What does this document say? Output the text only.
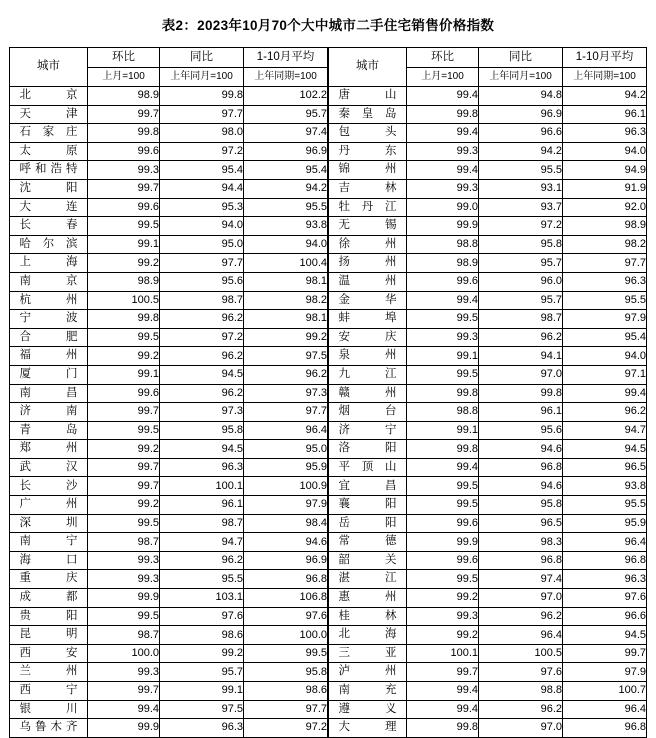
表2：2023年10月70个大中城市二手住宅销售价格指数
城市	环比	同比	1-10月平均
	上月=100	上年同月=100	上年同期=100
北京	98.9	99.8	102.2
天津	99.7	97.7	95.7
石家庄	99.8	98.0	97.4
太原	99.6	97.2	96.9
呼和浩特	99.3	95.4	95.4
沈阳	99.7	94.4	94.2
大连	99.6	95.3	95.5
长春	99.5	94.0	93.8
哈尔滨	99.1	95.0	94.0
上海	99.2	97.7	100.4
南京	98.9	95.6	98.1
杭州	100.5	98.7	98.2
宁波	99.8	96.2	98.1
合肥	99.5	97.2	99.2
福州	99.2	96.2	97.5
厦门	99.1	94.5	96.2
南昌	99.6	96.2	97.3
济南	99.7	97.3	97.7
青岛	99.5	95.8	96.4
郑州	99.2	94.5	95.0
武汉	99.7	96.3	95.9
长沙	99.7	100.1	100.9
广州	99.2	96.1	97.9
深圳	99.5	98.7	98.4
南宁	98.7	94.7	94.6
海口	99.3	96.2	96.9
重庆	99.3	95.5	96.8
成都	99.9	103.1	106.8
贵阳	99.5	97.6	97.6
昆明	98.7	98.6	100.0
西安	100.0	99.2	99.5
兰州	99.3	95.7	95.8
西宁	99.7	99.1	98.6
银川	99.4	97.5	97.7
乌鲁木齐	99.9	96.3	97.2
城市	环比	同比	1-10月平均
	上月=100	上年同月=100	上年同期=100
唐山	99.4	94.8	94.2
秦皇岛	99.8	96.9	96.1
包头	99.4	96.6	96.3
丹东	99.3	94.2	94.0
锦州	99.4	95.5	94.9
吉林	99.3	93.1	91.9
牡丹江	99.0	93.7	92.0
无锡	99.9	97.2	98.9
徐州	98.8	95.8	98.2
扬州	98.9	95.7	97.7
温州	99.6	96.0	96.3
金华	99.4	95.7	95.5
蚌埠	99.5	98.7	97.9
安庆	99.3	96.2	95.4
泉州	99.1	94.1	94.0
九江	99.5	97.0	97.1
赣州	99.8	99.8	99.4
烟台	98.8	96.1	96.2
济宁	99.1	95.6	94.7
洛阳	99.8	94.6	94.5
平顶山	99.4	96.8	96.5
宜昌	99.5	94.6	93.8
襄阳	99.5	95.8	95.5
岳阳	99.6	96.5	95.9
常德	99.9	98.3	96.4
韶关	99.6	96.8	96.8
湛江	99.5	97.4	96.3
惠州	99.2	97.0	97.6
桂林	99.3	96.2	96.6
北海	99.2	96.4	94.5
三亚	100.1	100.5	99.7
泸州	99.7	97.6	97.9
南充	99.4	98.8	100.7
遵义	99.4	96.2	96.4
大理	99.8	97.0	96.8
